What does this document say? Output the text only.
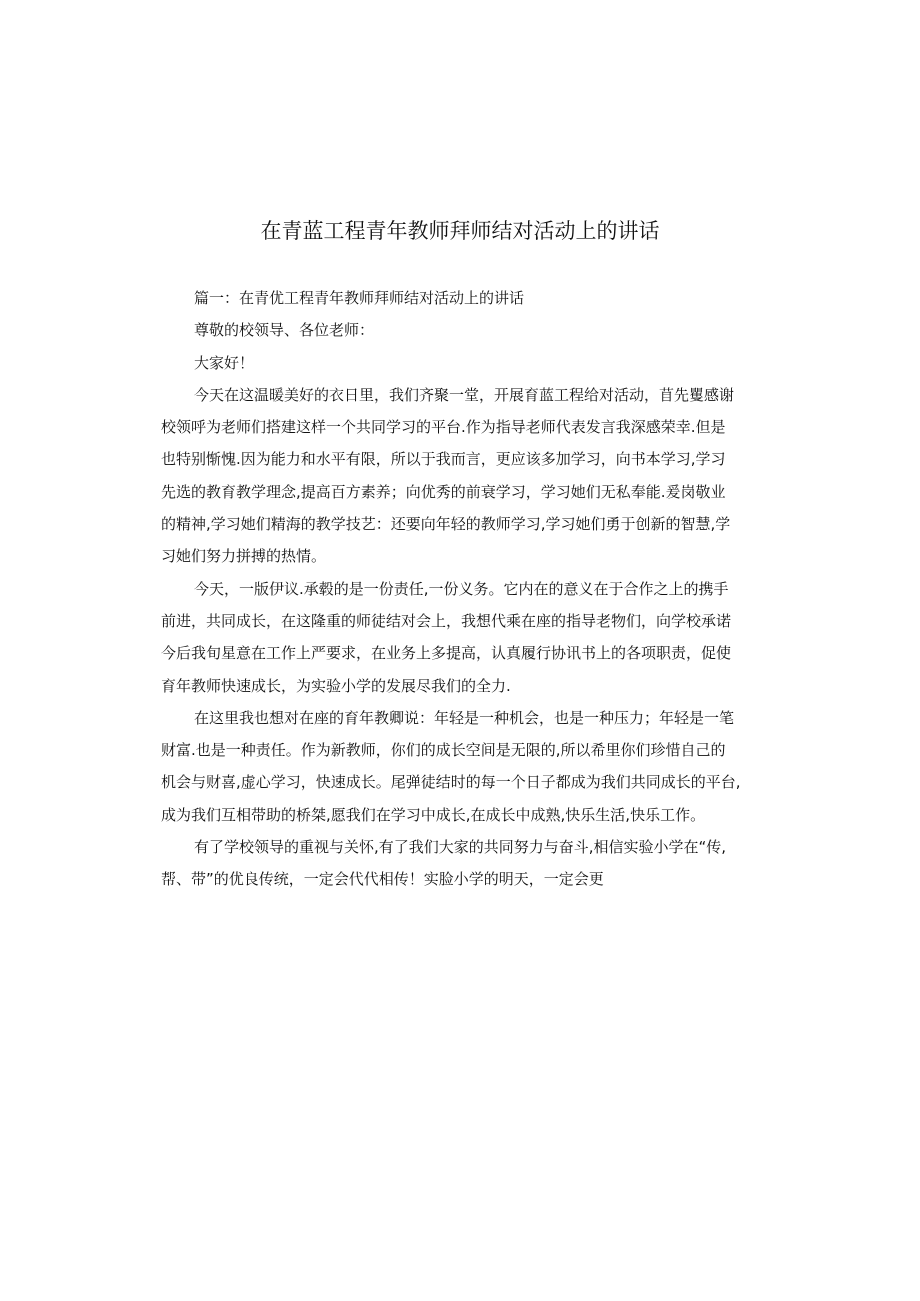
在青蓝工程青年教师拜师结对活动上的讲话
篇一：在青优工程青年教师拜师结对活动上的讲话
尊敬的校领导、各位老师：
大家好！
今天在这温暖美好的衣日里，我们齐聚一堂，开展育蓝工程给对活动，苜先矍感谢
校领呼为老师们搭建这样一个共同学习的平台.作为指导老师代表发言我深感荣幸.但是
也特别惭愧.因为能力和水平有限，所以于我而言，更应该多加学习，向书本学习,学习
先选的教育教学理念,提高百方素养；向优秀的前衰学习，学习她们无私奉能.爰岗敬业
的精神,学习她们精海的教学技艺：还要向年轻的教师学习,学习她们勇于创新的智慧,学
习她们努力拼搏的热情。
今天，一版伊议.承毂的是一份责任,一份义务。它内在的意义在于合作之上的携手
前进，共同成长，在这隆重的师徒结对会上，我想代乘在座的指导老物们，向学校承诺
今后我旬星意在工作上严要求，在业务上多提高，认真履行协讯书上的各项职责，促使
育年教师快速成长，为实验小学的发展尽我们的全力.
在这里我也想对在座的育年教卿说：年轻是一种机会，也是一种压力；年轻是一笔
财富.也是一种责任。作为新教师，你们的成长空间是无限的,所以希里你们珍惜自己的
机会与财喜,虚心学习，快速成长。尾弹徒结时的每一个日子都成为我们共同成长的平台,
成为我们互相带助的桥桀,愿我们在学习中成长,在成长中成熟,快乐生活,快乐工作。
有了学校领导的重视与关怀,有了我们大家的共同努力与奋斗,相信实验小学在“传,
帮、带”的优良传统，一定会代代相传！实脸小学的明天，一定会更
